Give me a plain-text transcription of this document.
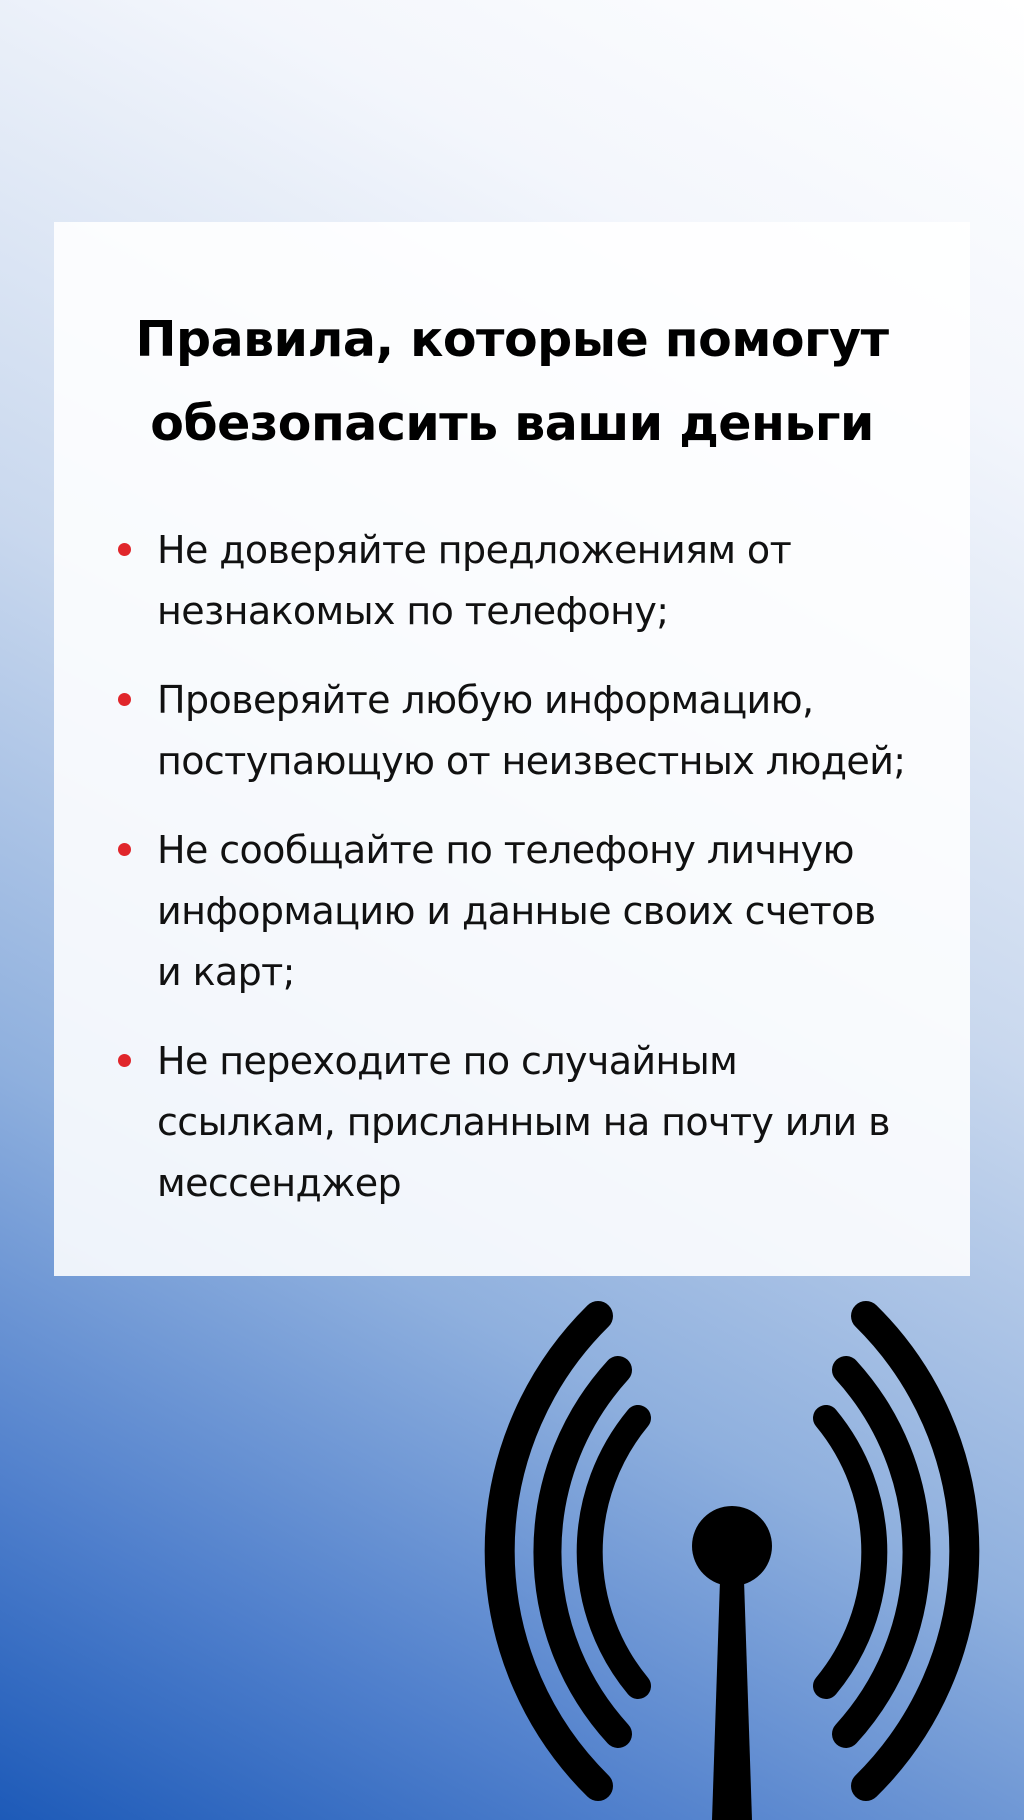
Правила, которые помогут обезопасить ваши деньги
Не доверяйте предложениям от незнакомых по телефону;
Проверяйте любую информацию, поступающую от неизвестных людей;
Не сообщайте по телефону личную информацию и данные своих счетов и карт;
Не переходите по случайным ссылкам, присланным на почту или в мессенджер
